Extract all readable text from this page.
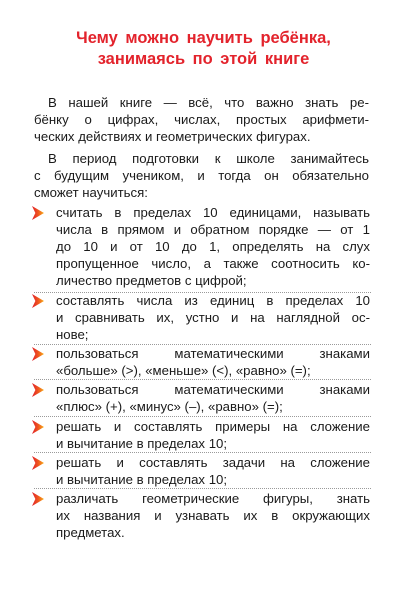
Чему можно научить ребёнка,
занимаясь по этой книге
В нашей книге — всё, что важно знать ре-
бёнку о цифрах, числах, простых арифмети-
ческих действиях и геометрических фигурах.
В период подготовки к школе занимайтесь
с будущим учеником, и тогда он обязательно
сможет научиться:
считать в пределах 10 единицами, называть
числа в прямом и обратном порядке — от 1
до 10 и от 10 до 1, определять на слух
пропущенное число, а также соотносить ко-
личество предметов с цифрой;
составлять числа из единиц в пределах 10
и сравнивать их, устно и на наглядной ос-
нове;
пользоваться математическими знаками
«больше» (>), «меньше» (<), «равно» (=);
пользоваться математическими знаками
«плюс» (+), «минус» (–), «равно» (=);
решать и составлять примеры на сложение
и вычитание в пределах 10;
решать и составлять задачи на сложение
и вычитание в пределах 10;
различать геометрические фигуры, знать
их названия и узнавать их в окружающих
предметах.
